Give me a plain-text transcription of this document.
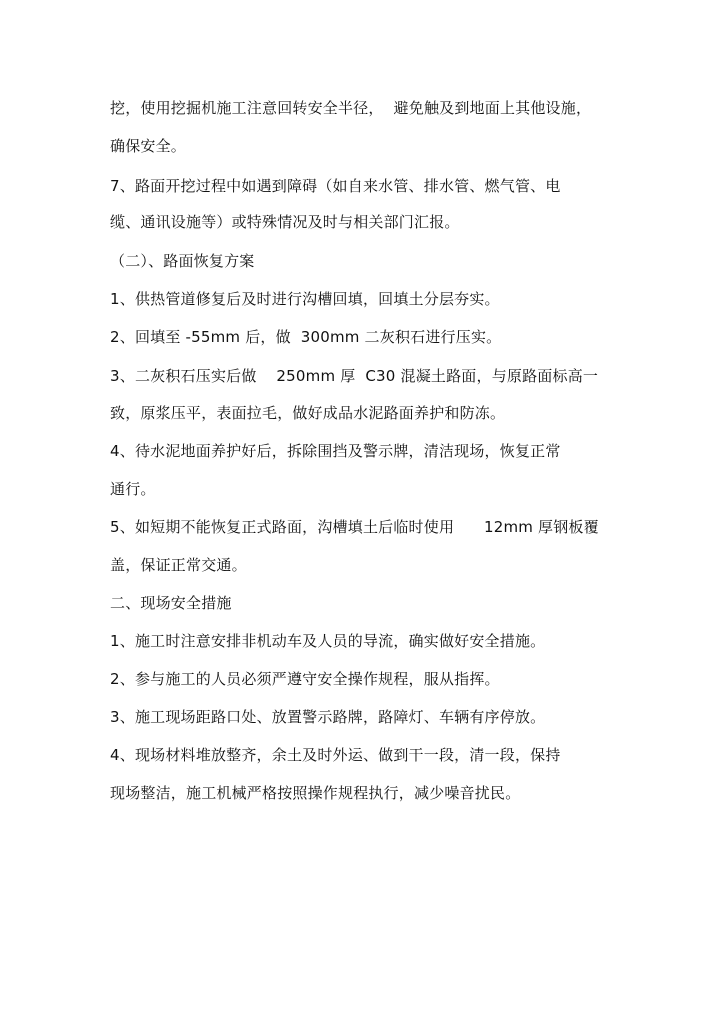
挖，使用挖掘机施工注意回转安全半径，  避免触及到地面上其他设施，
确保安全。
7、路面开挖过程中如遇到障碍（如自来水管、排水管、燃气管、电
缆、通讯设施等）或特殊情况及时与相关部门汇报。
（二）、路面恢复方案
1、供热管道修复后及时进行沟槽回填，回填土分层夯实。
2、回填至 -55mm 后，做  300mm 二灰积石进行压实。
3、二灰积石压实后做    250mm 厚  C30 混凝土路面，与原路面标高一
致，原浆压平，表面拉毛，做好成品水泥路面养护和防冻。
4、待水泥地面养护好后，拆除围挡及警示牌，清洁现场，恢复正常
通行。
5、如短期不能恢复正式路面，沟槽填土后临时使用      12mm 厚钢板覆
盖，保证正常交通。
二、现场安全措施
1、施工时注意安排非机动车及人员的导流，确实做好安全措施。
2、参与施工的人员必须严遵守安全操作规程，服从指挥。
3、施工现场距路口处、放置警示路牌，路障灯、车辆有序停放。
4、现场材料堆放整齐，余土及时外运、做到干一段，清一段，保持
现场整洁，施工机械严格按照操作规程执行，减少噪音扰民。
